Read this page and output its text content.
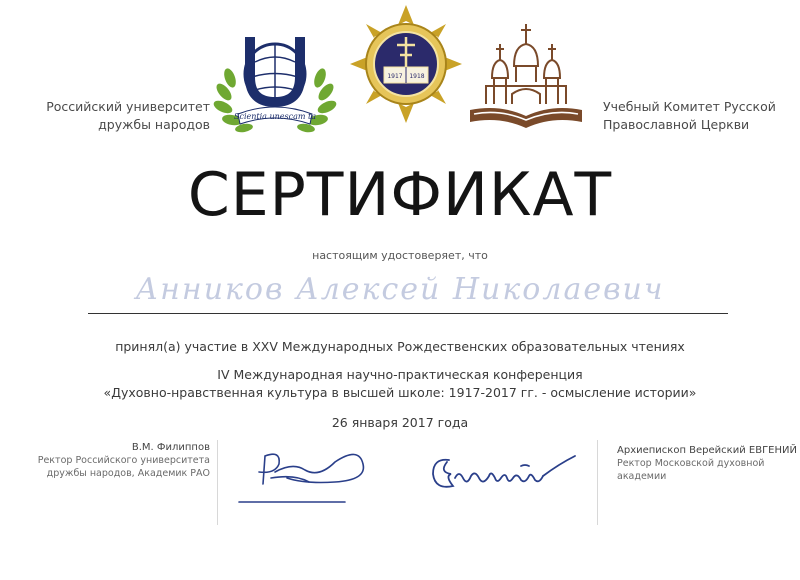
Российский университет
дружбы народов
Учебный Комитет Русской
Православной Церкви
Scientia unescam ta
1917 1918
СЕРТИФИКАТ
настоящим удостоверяет, что
Анников Алексей Николаевич
принял(а) участие в XXV Международных Рождественских образовательных чтениях
IV Международная научно-практическая конференция
«Духовно-нравственная культура в высшей школе: 1917-2017 гг. - осмысление истории»
26 января 2017 года
В.М. Филиппов
Ректор Российского университета
дружбы народов, Академик РАО
Архиепископ Верейский ЕВГЕНИЙ
Ректор Московской духовной
академии
